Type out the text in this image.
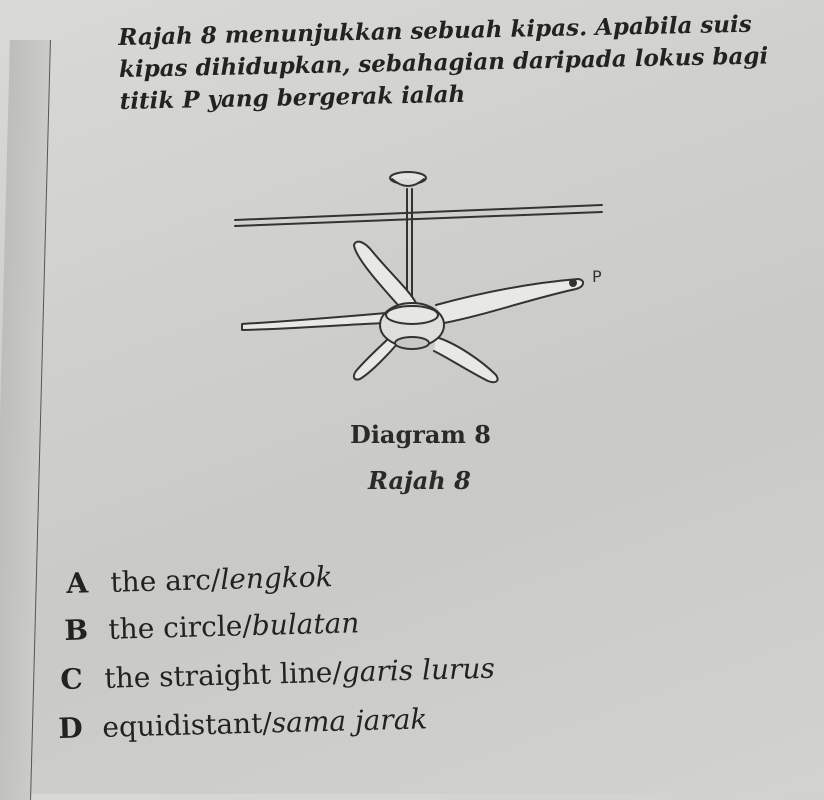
Rajah 8 menunjukkan sebuah kipas. Apabila suis
kipas dihidupkan, sebahagian daripada lokus bagi
titik P yang bergerak ialah
P
Diagram 8
Rajah 8
A the arc/lengkok
B the circle/bulatan
C the straight line/garis lurus
D equidistant/sama jarak
